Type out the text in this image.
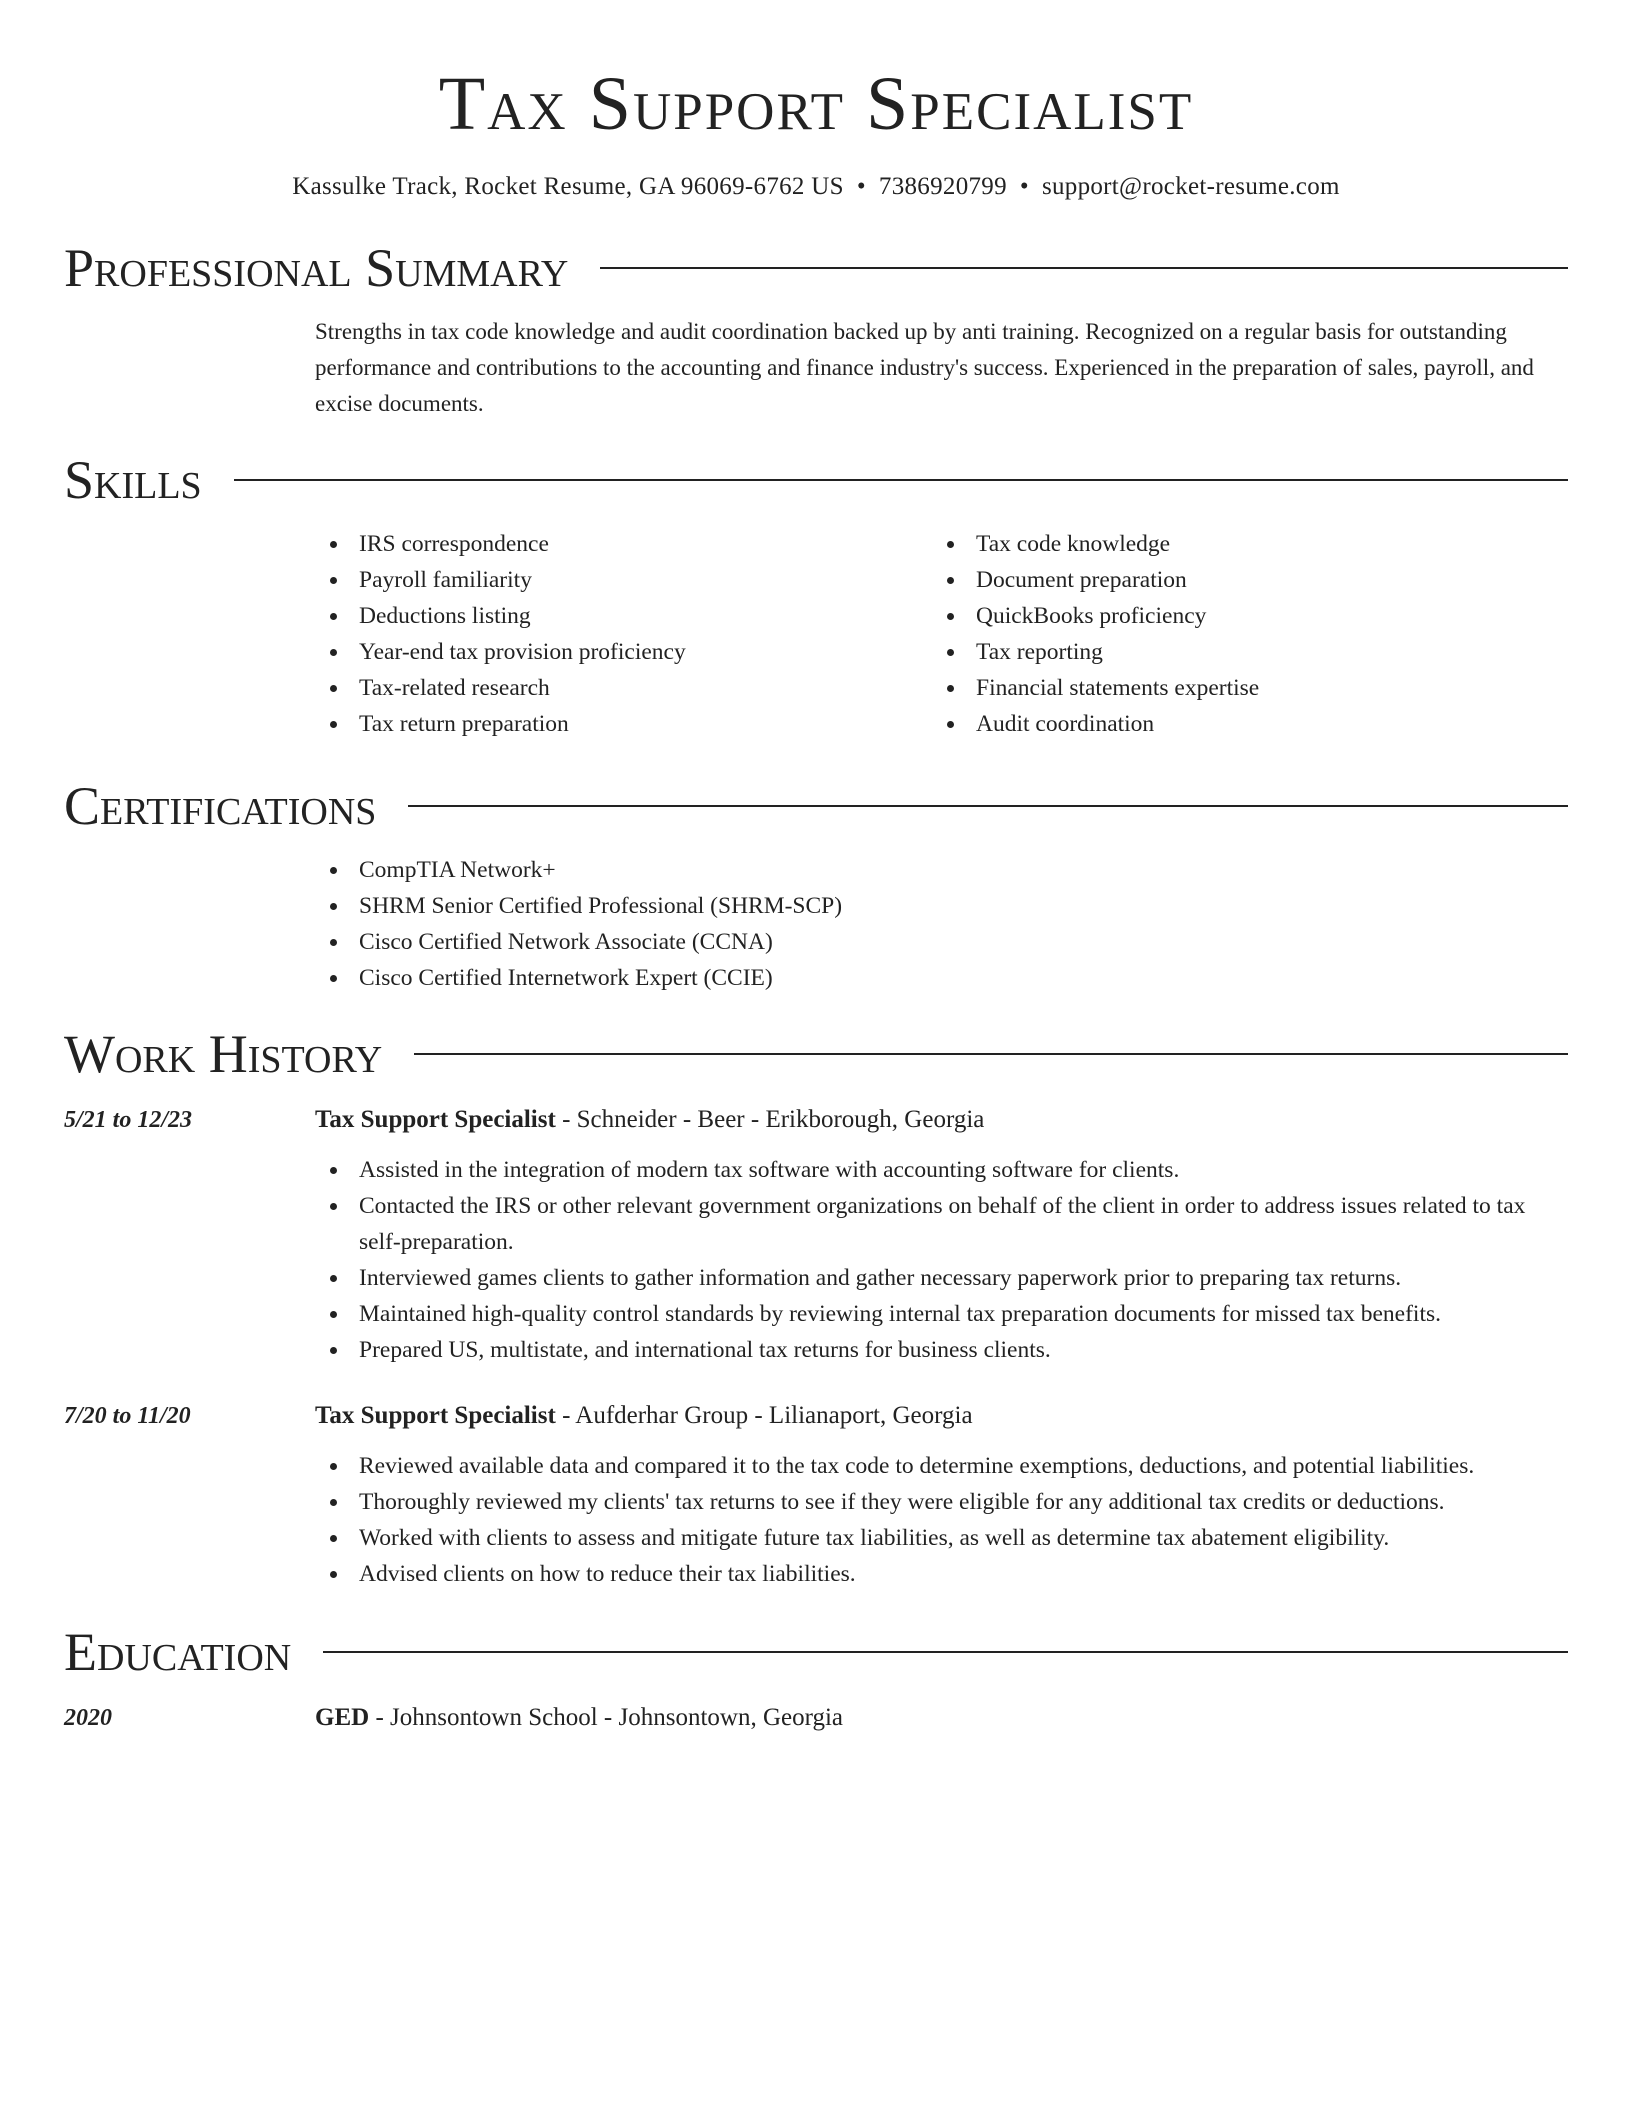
Tax Support Specialist
Kassulke Track, Rocket Resume, GA 96069-6762 US • 7386920799 • support@rocket-resume.com
Professional Summary
Strengths in tax code knowledge and audit coordination backed up by anti training. Recognized on a regular basis for outstanding performance and contributions to the accounting and finance industry's success. Experienced in the preparation of sales, payroll, and excise documents.
Skills
IRS correspondence
Payroll familiarity
Deductions listing
Year-end tax provision proficiency
Tax-related research
Tax return preparation
Tax code knowledge
Document preparation
QuickBooks proficiency
Tax reporting
Financial statements expertise
Audit coordination
Certifications
CompTIA Network+
SHRM Senior Certified Professional (SHRM-SCP)
Cisco Certified Network Associate (CCNA)
Cisco Certified Internetwork Expert (CCIE)
Work History
5/21 to 12/23	Tax Support Specialist - Schneider - Beer - Erikborough, Georgia
Assisted in the integration of modern tax software with accounting software for clients.
Contacted the IRS or other relevant government organizations on behalf of the client in order to address issues related to tax self-preparation.
Interviewed games clients to gather information and gather necessary paperwork prior to preparing tax returns.
Maintained high-quality control standards by reviewing internal tax preparation documents for missed tax benefits.
Prepared US, multistate, and international tax returns for business clients.
7/20 to 11/20	Tax Support Specialist - Aufderhar Group - Lilianaport, Georgia
Reviewed available data and compared it to the tax code to determine exemptions, deductions, and potential liabilities.
Thoroughly reviewed my clients' tax returns to see if they were eligible for any additional tax credits or deductions.
Worked with clients to assess and mitigate future tax liabilities, as well as determine tax abatement eligibility.
Advised clients on how to reduce their tax liabilities.
Education
2020	GED - Johnsontown School - Johnsontown, Georgia
